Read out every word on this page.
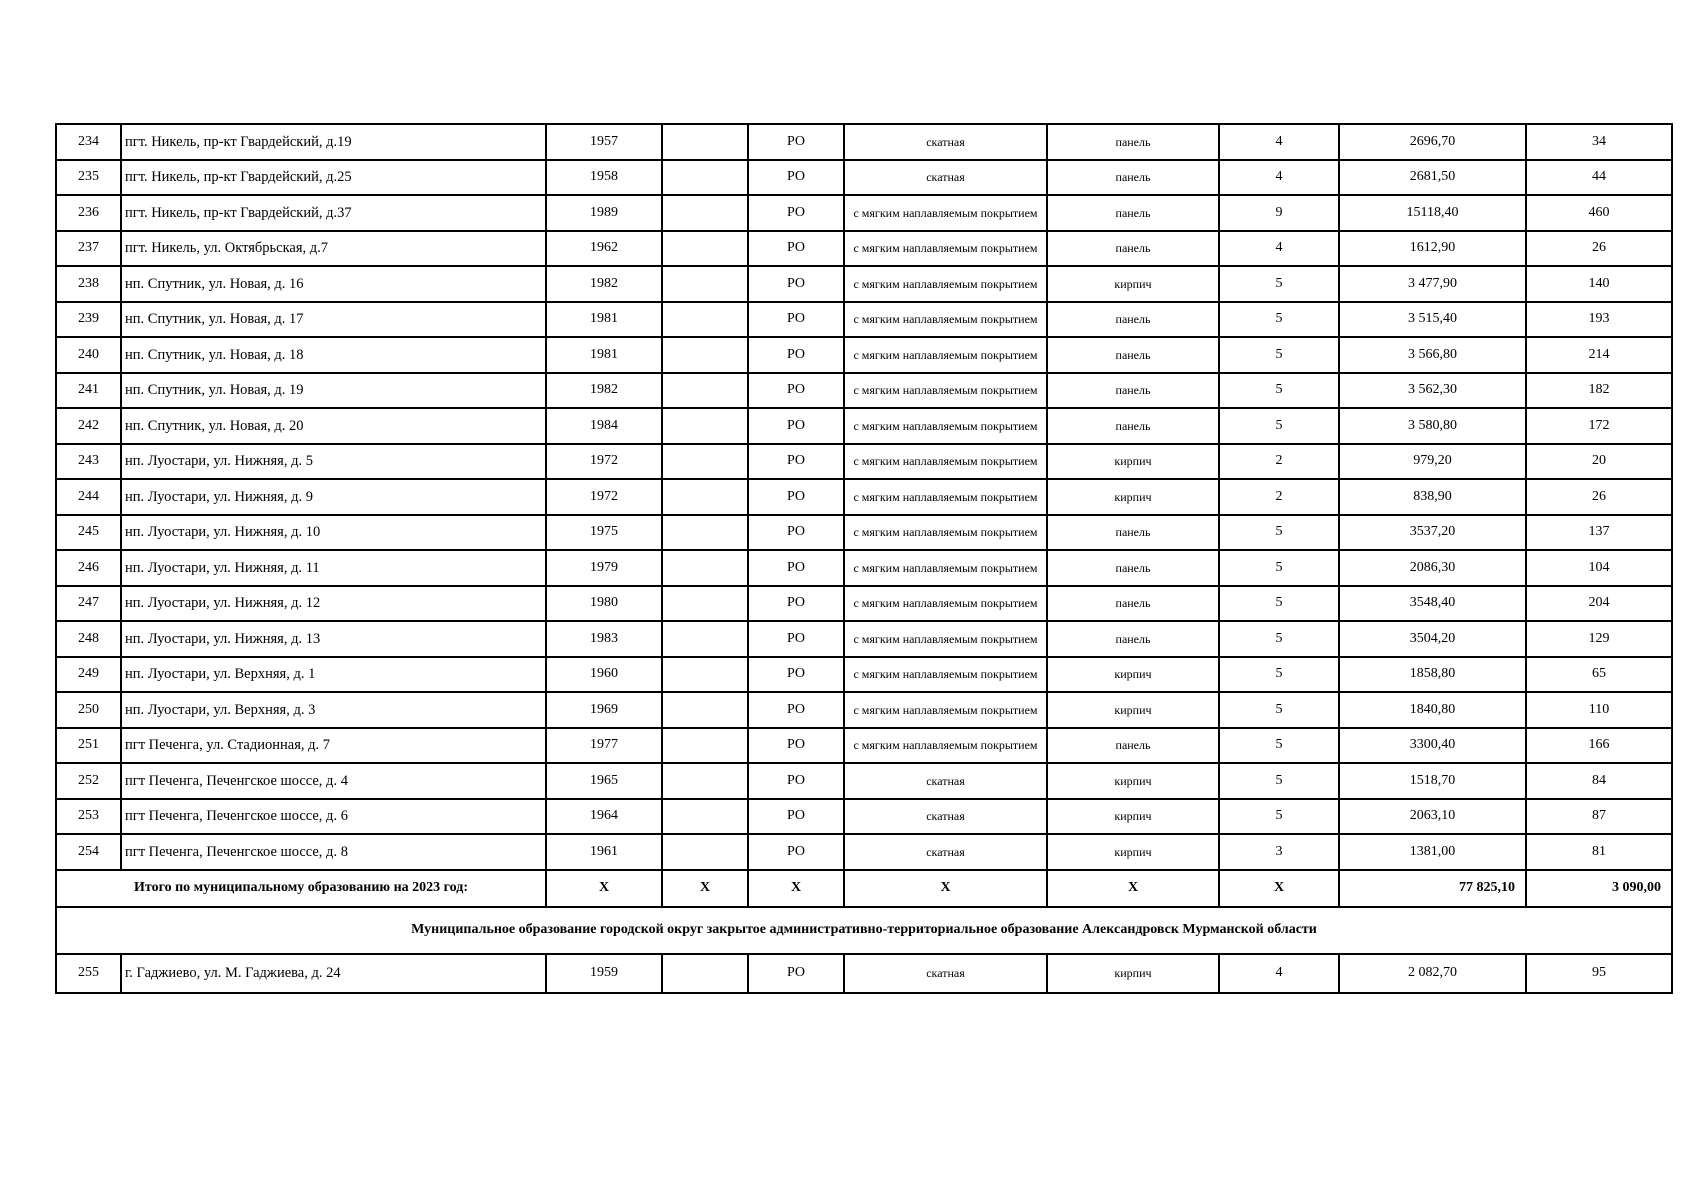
234	пгт. Никель, пр-кт Гвардейский, д.19	1957		РО	скатная	панель	4	2696,70	34
235	пгт. Никель, пр-кт Гвардейский, д.25	1958		РО	скатная	панель	4	2681,50	44
236	пгт. Никель, пр-кт Гвардейский, д.37	1989		РО	с мягким наплавляемым покрытием	панель	9	15118,40	460
237	пгт. Никель, ул. Октябрьская, д.7	1962		РО	с мягким наплавляемым покрытием	панель	4	1612,90	26
238	нп. Спутник, ул. Новая, д. 16	1982		РО	с мягким наплавляемым покрытием	кирпич	5	3 477,90	140
239	нп. Спутник, ул. Новая, д. 17	1981		РО	с мягким наплавляемым покрытием	панель	5	3 515,40	193
240	нп. Спутник, ул. Новая, д. 18	1981		РО	с мягким наплавляемым покрытием	панель	5	3 566,80	214
241	нп. Спутник, ул. Новая, д. 19	1982		РО	с мягким наплавляемым покрытием	панель	5	3 562,30	182
242	нп. Спутник, ул. Новая, д. 20	1984		РО	с мягким наплавляемым покрытием	панель	5	3 580,80	172
243	нп. Луостари, ул. Нижняя, д. 5	1972		РО	с мягким наплавляемым покрытием	кирпич	2	979,20	20
244	нп. Луостари, ул. Нижняя, д. 9	1972		РО	с мягким наплавляемым покрытием	кирпич	2	838,90	26
245	нп. Луостари, ул. Нижняя, д. 10	1975		РО	с мягким наплавляемым покрытием	панель	5	3537,20	137
246	нп. Луостари, ул. Нижняя, д. 11	1979		РО	с мягким наплавляемым покрытием	панель	5	2086,30	104
247	нп. Луостари, ул. Нижняя, д. 12	1980		РО	с мягким наплавляемым покрытием	панель	5	3548,40	204
248	нп. Луостари, ул. Нижняя, д. 13	1983		РО	с мягким наплавляемым покрытием	панель	5	3504,20	129
249	нп. Луостари, ул. Верхняя, д. 1	1960		РО	с мягким наплавляемым покрытием	кирпич	5	1858,80	65
250	нп. Луостари, ул. Верхняя, д. 3	1969		РО	с мягким наплавляемым покрытием	кирпич	5	1840,80	110
251	пгт Печенга, ул. Стадионная, д. 7	1977		РО	с мягким наплавляемым покрытием	панель	5	3300,40	166
252	пгт Печенга, Печенгское шоссе, д. 4	1965		РО	скатная	кирпич	5	1518,70	84
253	пгт Печенга, Печенгское шоссе, д. 6	1964		РО	скатная	кирпич	5	2063,10	87
254	пгт Печенга, Печенгское шоссе, д. 8	1961		РО	скатная	кирпич	3	1381,00	81
Итого по муниципальному образованию на 2023 год:		Х	Х	Х	Х	Х	Х	77 825,10	3 090,00
Муниципальное образование городской округ закрытое административно-территориальное образование Александровск Мурманской области									
255	г. Гаджиево, ул. М. Гаджиева, д. 24	1959		РО	скатная	кирпич	4	2 082,70	95
